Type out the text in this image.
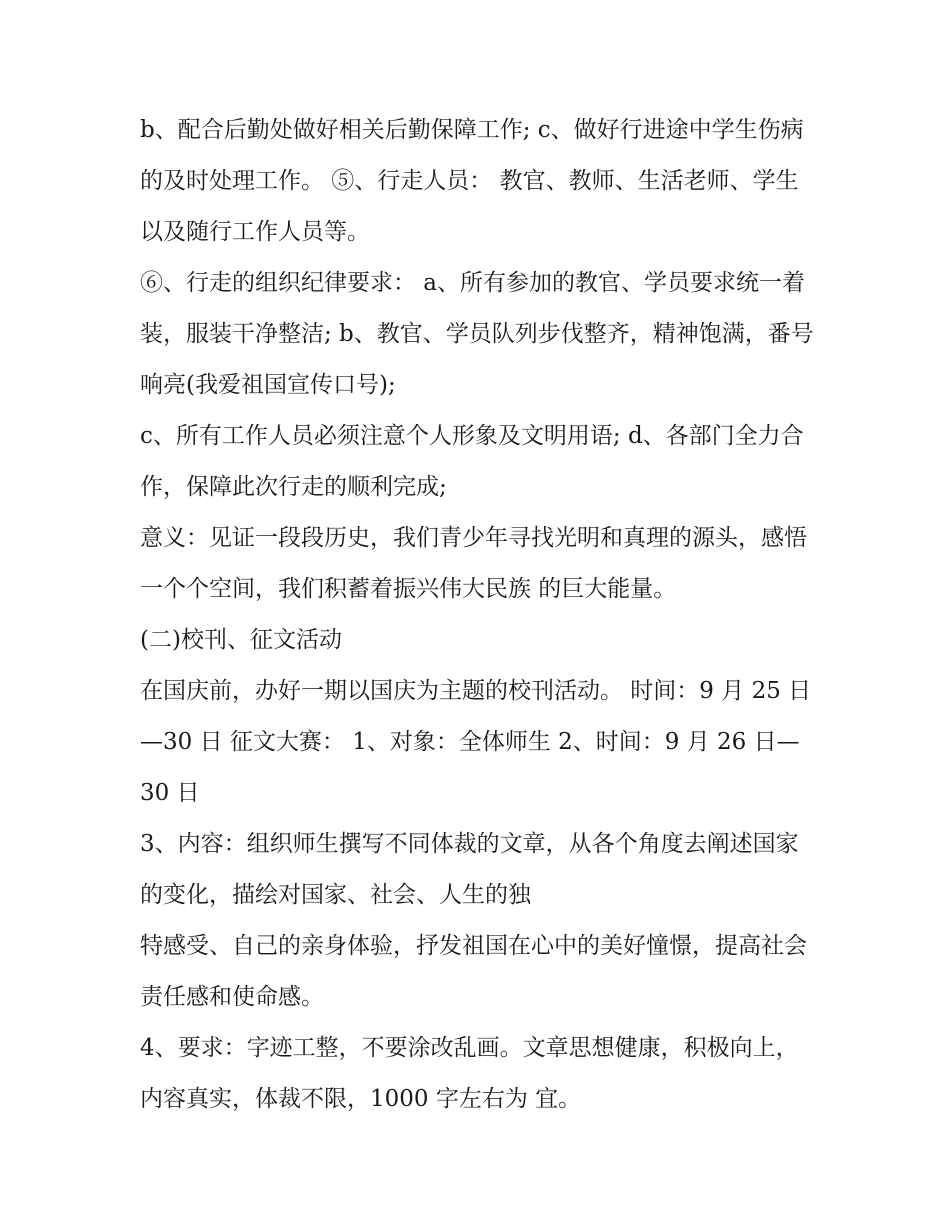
b、配合后勤处做好相关后勤保障工作; c、做好行进途中学生伤病的及时处理工作。 ⑤、行走人员： 教官、教师、生活老师、学生以及随行工作人员等。

⑥、行走的组织纪律要求： a、所有参加的教官、学员要求统一着装，服装干净整洁; b、教官、学员队列步伐整齐，精神饱满，番号响亮(我爱祖国宣传口号);

c、所有工作人员必须注意个人形象及文明用语; d、各部门全力合作，保障此次行走的顺利完成;

意义：见证一段段历史，我们青少年寻找光明和真理的源头，感悟一个个空间，我们积蓄着振兴伟大民族 的巨大能量。

(二)校刊、征文活动

在国庆前，办好一期以国庆为主题的校刊活动。 时间：9 月 25 日—30 日 征文大赛： 1、对象：全体师生 2、时间：9 月 26 日—30 日

3、内容：组织师生撰写不同体裁的文章，从各个角度去阐述国家的变化，描绘对国家、社会、人生的独

特感受、自己的亲身体验，抒发祖国在心中的美好憧憬，提高社会责任感和使命感。

4、要求：字迹工整，不要涂改乱画。文章思想健康，积极向上，内容真实，体裁不限，1000 字左右为 宜。
